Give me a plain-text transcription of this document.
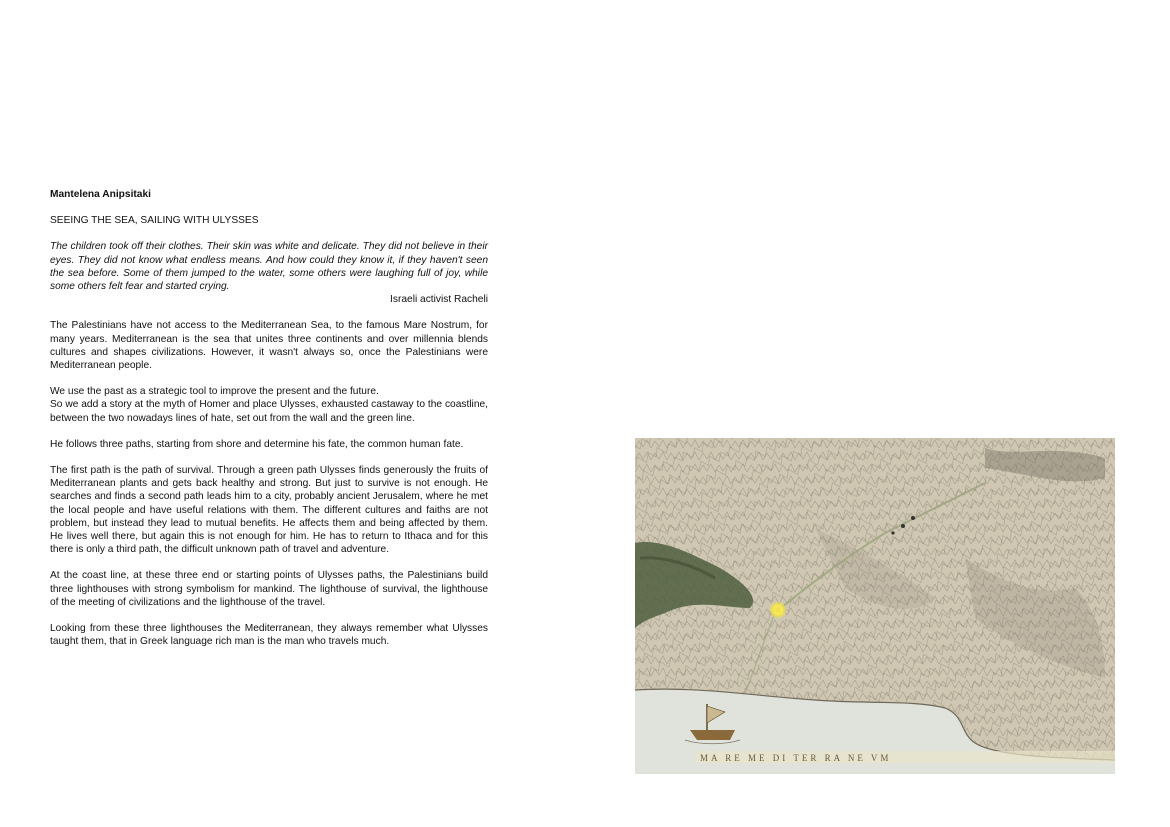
Mantelena Anipsitaki

SEEING THE SEA, SAILING WITH ULYSSES

The children took off their clothes. Their skin was white and delicate. They did not believe in their eyes. They did not know what endless means. And how could they know it, if they haven't seen the sea before. Some of them jumped to the water, some others were laughing full of joy, while some others felt fear and started crying.

Israeli activist Racheli

The Palestinians have not access to the Mediterranean Sea, to the famous Mare Nostrum, for many years. Mediterranean is the sea that unites three continents and over millennia blends cultures and shapes civilizations. However, it wasn't always so, once the Palestinians were Mediterranean people.

We use the past as a strategic tool to improve the present and the future.
So we add a story at the myth of Homer and place Ulysses, exhausted castaway to the coastline, between the two nowadays lines of hate, set out from the wall and the green line.

He follows three paths, starting from shore and determine his fate, the common human fate.

The first path is the path of survival. Through a green path Ulysses finds generously the fruits of Mediterranean plants and gets back healthy and strong. But just to survive is not enough. He searches and finds a second path leads him to a city, probably ancient Jerusalem, where he met the local people and have useful relations with them. The different cultures and faiths are not problem, but instead they lead to mutual benefits. He affects them and being affected by them. He lives well there, but again this is not enough for him. He has to return to Ithaca and for this there is only a third path, the difficult unknown path of travel and adventure.

At the coast line, at these three end or starting points of Ulysses paths, the Palestinians build three lighthouses with strong symbolism for mankind. The lighthouse of survival, the lighthouse of the meeting of civilizations and the lighthouse of the travel.

Looking from these three lighthouses the Mediterranean, they always remember what Ulysses taught them, that in Greek language rich man is the man who travels much.

MA RE ME DI TER RA NE VM
